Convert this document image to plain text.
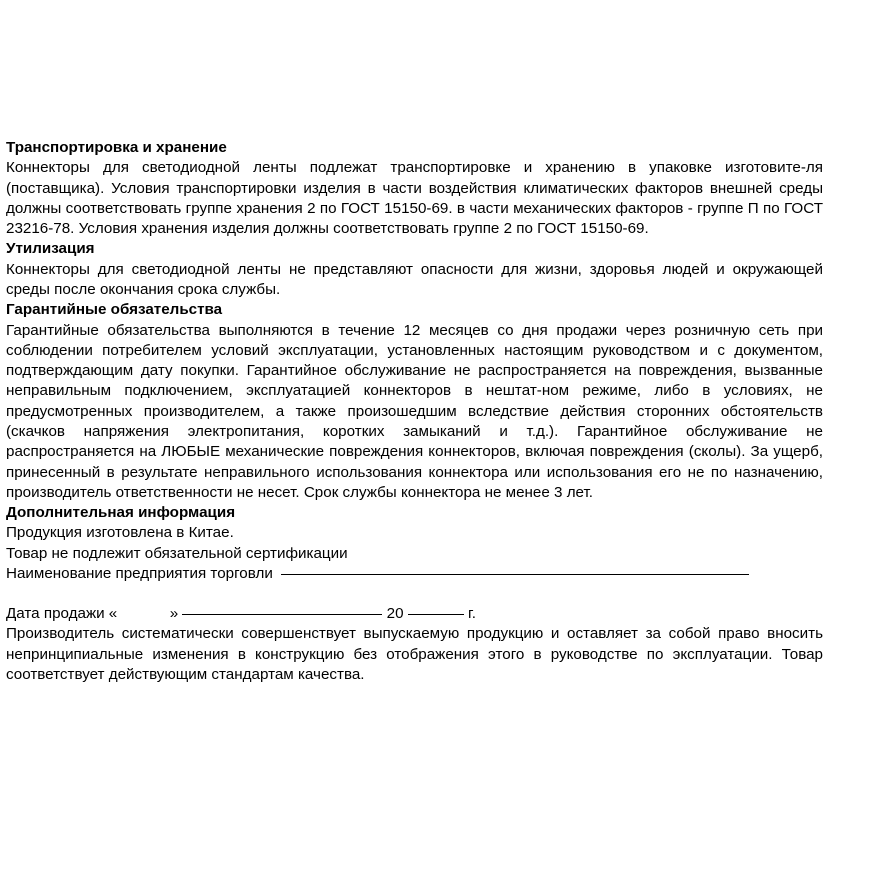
Транспортировка и хранение

Коннекторы для светодиодной ленты подлежат транспортировке и хранению в упаковке изготовите-ля (поставщика). Условия транспортировки изделия в части воздействия климатических факторов внешней среды должны соответствовать группе хранения 2 по ГОСТ 15150-69. в части механических факторов - группе П по ГОСТ 23216-78. Условия хранения изделия должны соответствовать группе 2 по ГОСТ 15150-69.

Утилизация

Коннекторы для светодиодной ленты не представляют опасности для жизни, здоровья людей и окружающей среды после окончания срока службы.

Гарантийные обязательства

Гарантийные обязательства выполняются в течение 12 месяцев со дня продажи через розничную сеть при соблюдении потребителем условий эксплуатации, установленных настоящим руководством и с документом, подтверждающим дату покупки. Гарантийное обслуживание не распространяется на повреждения, вызванные неправильным подключением, эксплуатацией коннекторов в нештат-ном режиме, либо в условиях, не предусмотренных производителем, а также произошедшим вследствие действия сторонних обстоятельств (скачков напряжения электропитания, коротких замыканий и т.д.). Гарантийное обслуживание не распространяется на ЛЮБЫЕ механические повреждения коннекторов, включая повреждения (сколы). За ущерб, принесенный в результате неправильного использования коннектора или использования его не по назначению, производитель ответственности не несет. Срок службы коннектора не менее 3 лет.

Дополнительная информация

Продукция изготовлена в Китае.

Товар не подлежит обязательной сертификации

Наименование предприятия торговли

Дата продажи «	»	20	г.

Производитель систематически совершенствует выпускаемую продукцию и оставляет за собой право вносить непринципиальные изменения в конструкцию без отображения этого в руководстве по эксплуатации. Товар соответствует действующим стандартам качества.
